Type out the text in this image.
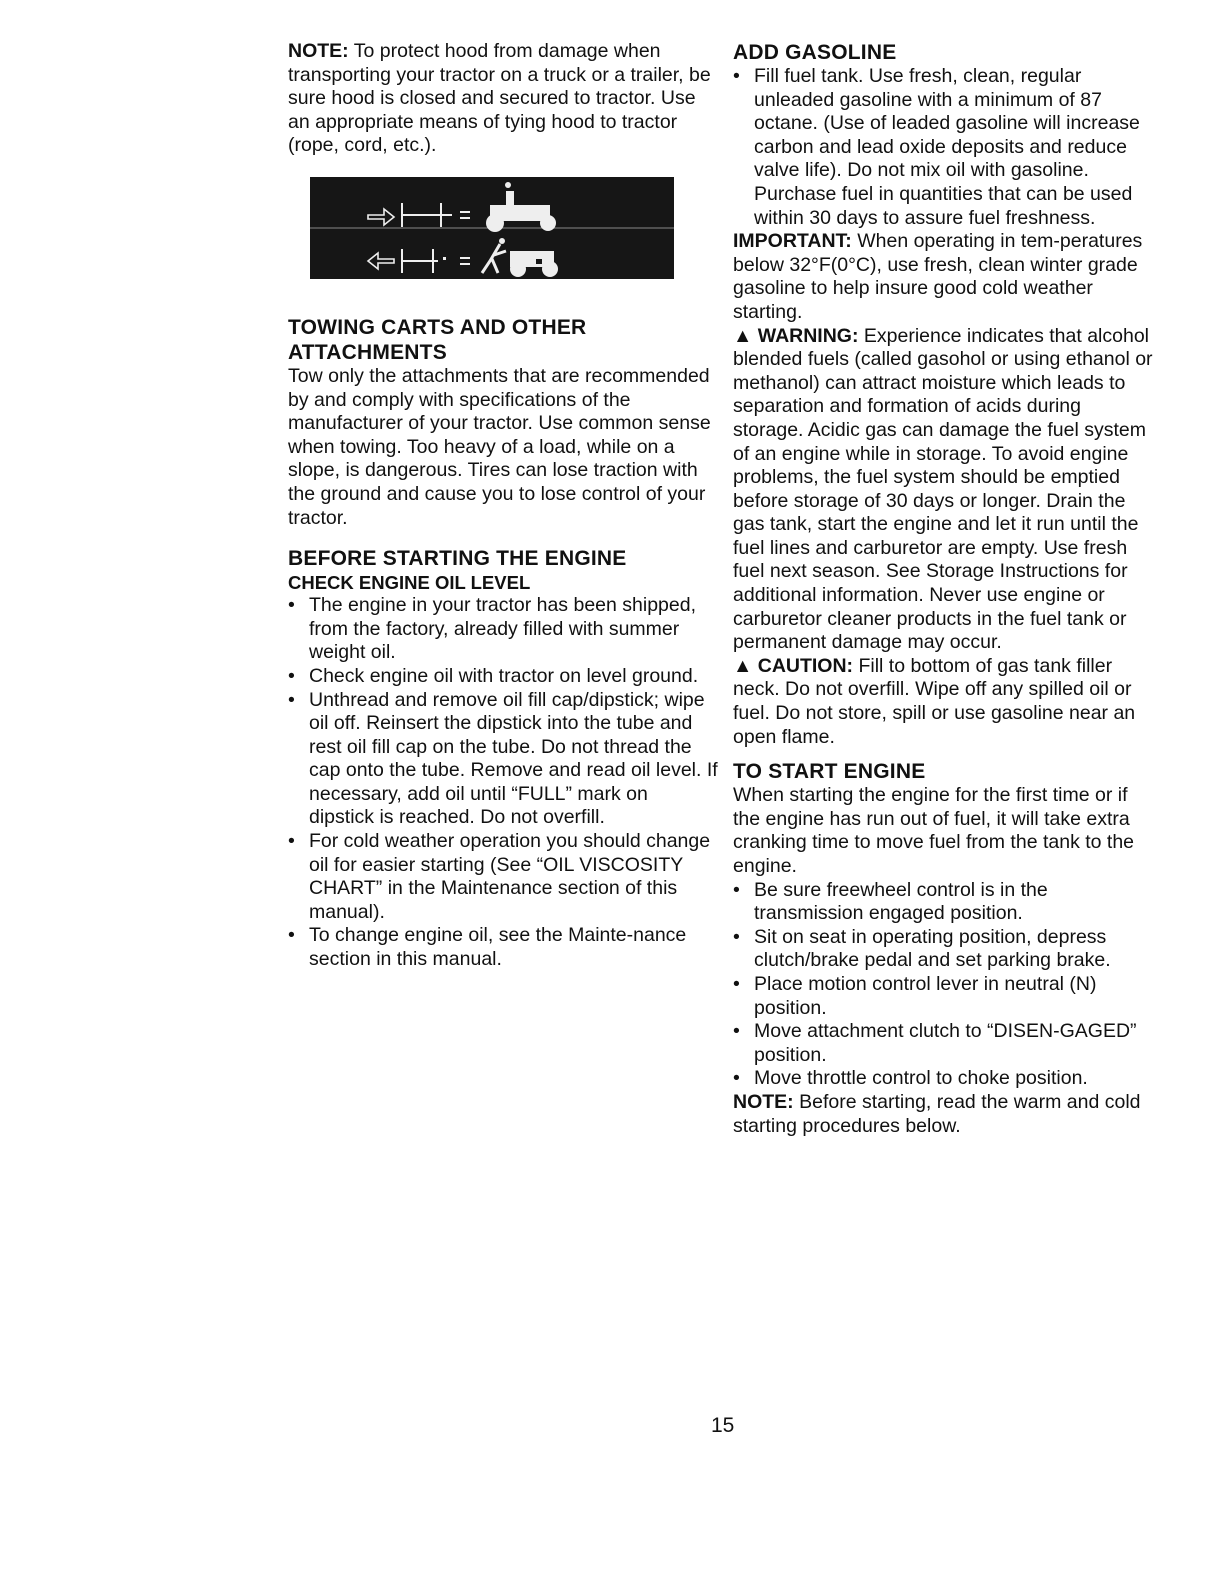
NOTE: To protect hood from damage when transporting your tractor on a truck or a trailer, be sure hood is closed and secured to tractor. Use an appropriate means of tying hood to tractor (rope, cord, etc.).

TOWING CARTS AND OTHER
ATTACHMENTS

Tow only the attachments that are recommended by and comply with specifications of the manufacturer of your tractor. Use common sense when towing. Too heavy of a load, while on a slope, is dangerous. Tires can lose traction with the ground and cause you to lose control of your tractor.

BEFORE STARTING THE ENGINE
CHECK ENGINE OIL LEVEL
• The engine in your tractor has been shipped, from the factory, already filled with summer weight oil.
• Check engine oil with tractor on level ground.
• Unthread and remove oil fill cap/dipstick; wipe oil off. Reinsert the dipstick into the tube and rest oil fill cap on the tube. Do not thread the cap onto the tube. Remove and read oil level. If necessary, add oil until “FULL” mark on dipstick is reached. Do not overfill.
• For cold weather operation you should change oil for easier starting (See “OIL VISCOSITY CHART” in the Maintenance section of this manual).
• To change engine oil, see the Mainte-nance section in this manual.
ADD GASOLINE
• Fill fuel tank. Use fresh, clean, regular unleaded gasoline with a minimum of 87 octane. (Use of leaded gasoline will increase carbon and lead oxide deposits and reduce valve life). Do not mix oil with gasoline. Purchase fuel in quantities that can be used within 30 days to assure fuel freshness.

IMPORTANT: When operating in tem-peratures below 32°F(0°C), use fresh, clean winter grade gasoline to help insure good cold weather starting.

▲ WARNING: Experience indicates that alcohol blended fuels (called gasohol or using ethanol or methanol) can attract moisture which leads to separation and formation of acids during storage. Acidic gas can damage the fuel system of an engine while in storage. To avoid engine problems, the fuel system should be emptied before storage of 30 days or longer. Drain the gas tank, start the engine and let it run until the fuel lines and carburetor are empty. Use fresh fuel next season. See Storage Instructions for additional information. Never use engine or carburetor cleaner products in the fuel tank or permanent damage may occur.

▲ CAUTION: Fill to bottom of gas tank filler neck. Do not overfill. Wipe off any spilled oil or fuel. Do not store, spill or use gasoline near an open flame.

TO START ENGINE

When starting the engine for the first time or if the engine has run out of fuel, it will take extra cranking time to move fuel from the tank to the engine.

• Be sure freewheel control is in the transmission engaged position.
• Sit on seat in operating position, depress clutch/brake pedal and set parking brake.
• Place motion control lever in neutral (N) position.
• Move attachment clutch to “DISEN-GAGED” position.
• Move throttle control to choke position.

NOTE: Before starting, read the warm and cold starting procedures below.

15
